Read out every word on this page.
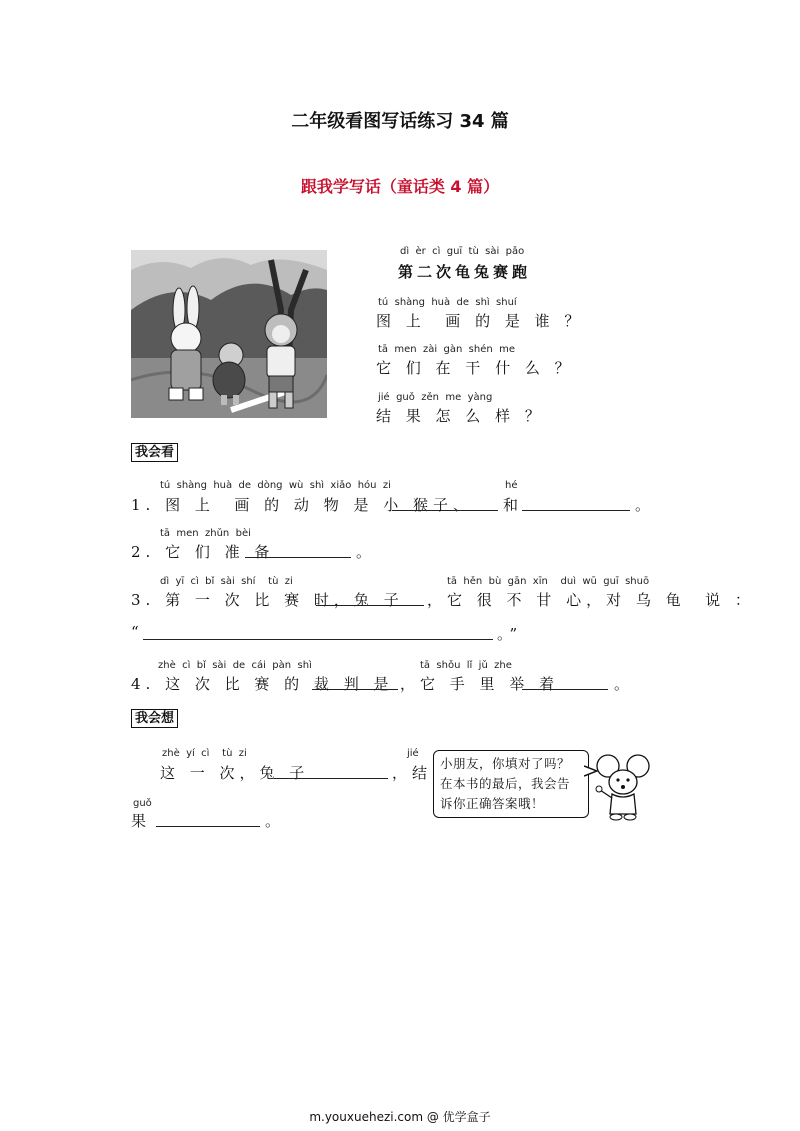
二年级看图写话练习 34 篇
跟我学写话（童话类 4 篇）
dì  èr  cì  guī  tù  sài  pǎo
第二次龟兔赛跑
tú  shàng  huà  de  shì  shuí
图 上  画 的 是 谁 ？
tā  men  zài  gàn  shén  me
它 们 在 干 什 么 ？
jié  guǒ  zěn  me  yàng
结 果 怎 么 样 ？
我会看
tú  shàng  huà  de  dòng  wù  shì  xiǎo  hóu  zi	hé
1. 图 上  画 的 动 物 是 小 猴子、 和	。
tā  men  zhǔn  bèi
2. 它 们 准 备	。
dì  yī  cì  bǐ  sài  shí    tù  zi	tā  hěn  bù  gān  xīn    duì  wū  guī  shuō
3. 第 一 次 比 赛 时，兔 子 ，它 很 不 甘 心，对 乌 龟  说 ：
“	。”
zhè  cì  bǐ  sài  de  cái  pàn  shì	tā  shǒu  lǐ  jǔ  zhe
4. 这 次 比 赛 的 裁 判 是 ，它 手 里 举 着	。
我会想
zhè  yí  cì    tù  zi	jié
这 一 次，兔 子	，结
guǒ
果	。
小朋友，你填对了吗？
在本书的最后，我会告
诉你正确答案哦！
m.youxuehezi.com @ 优学盒子
